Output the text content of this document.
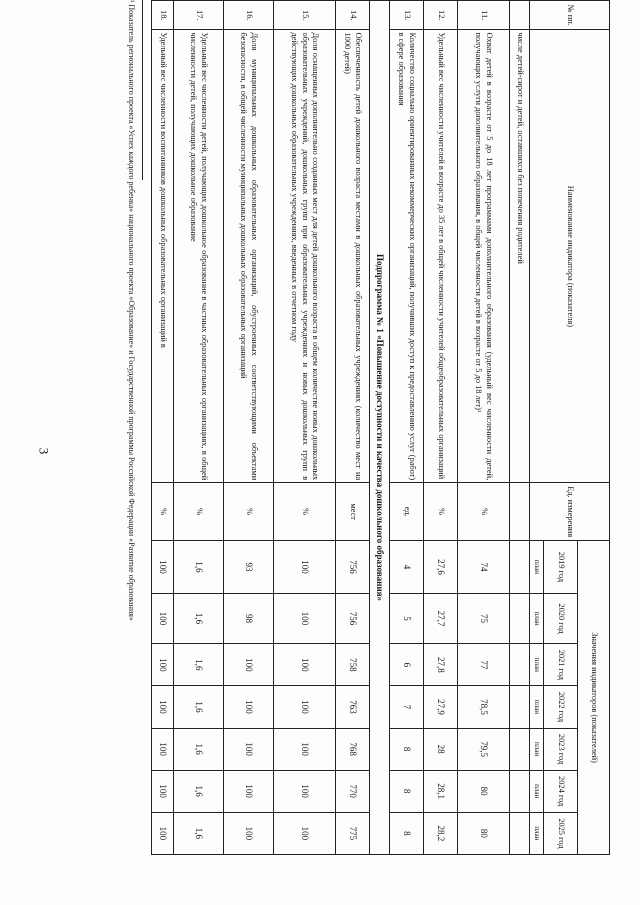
3
№ пп.	Наименование индикатора (показателя)	Ед. измерения	Значения индикаторов (показателей)						
			2019 год	2020 год	2021 год	2022 год	2023 год	2024 год	2025 год
			план	план	план	план	план	план	план
	числе детей-сирот и детей, оставшихся без попечения родителей								
11.	Охват детей в возрасте от 5 до 18 лет программами дополнительного образования (удельный вес численности детей, получающих услуги дополнительного образования, в общей численности детей в возрасте от 5 до 18 лет)¹	%	74	75	77	78,5	79,5	80	80
12.	Удельный вес численности учителей в возрасте до 35 лет в общей численности учителей общеобразовательных организаций	%	27,6	27,7	27,8	27,9	28	28,1	28,2
13.	Количество социально ориентированных некоммерческих организаций, получивших доступ к предоставлению услуг (работ) в сфере образования	ед.	4	5	6	7	8	8	8
Подпрограмма № 1 «Повышение доступности и качества дошкольного образования»									
14.	Обеспеченность детей дошкольного возраста местами в дошкольных образовательных учреждениях (количество мест на 1000 детей)	мест	756	756	758	763	768	770	775
15.	Доля оснащенных дополнительно созданных мест для детей дошкольного возраста в общем количестве новых дошкольных образовательных учреждений, дошкольных групп при образовательных учреждениях и новых дошкольных групп в действующих дошкольных образовательных учреждениях, введенных в отчетном году	%	100	100	100	100	100	100	100
16.	Доля муниципальных дошкольных образовательных организаций, обустроенных соответствующими объектами безопасности, в общей численности муниципальных дошкольных образовательных организаций	%	93	98	100	100	100	100	100
17.	Удельный вес численности детей, получающих дошкольное образование в частных образовательных организациях, в общей численности детей, получающих дошкольное образование	%	1,6	1,6	1,6	1,6	1,6	1,6	1,6
18.	Удельный вес численности воспитанников дошкольных образовательных организаций в	%	100	100	100	100	100	100	100
¹ Показатель регионального проекта «Успех каждого ребенка» национального проекта «Образование» и Государственной программы Российской Федерации «Развитие образования»
